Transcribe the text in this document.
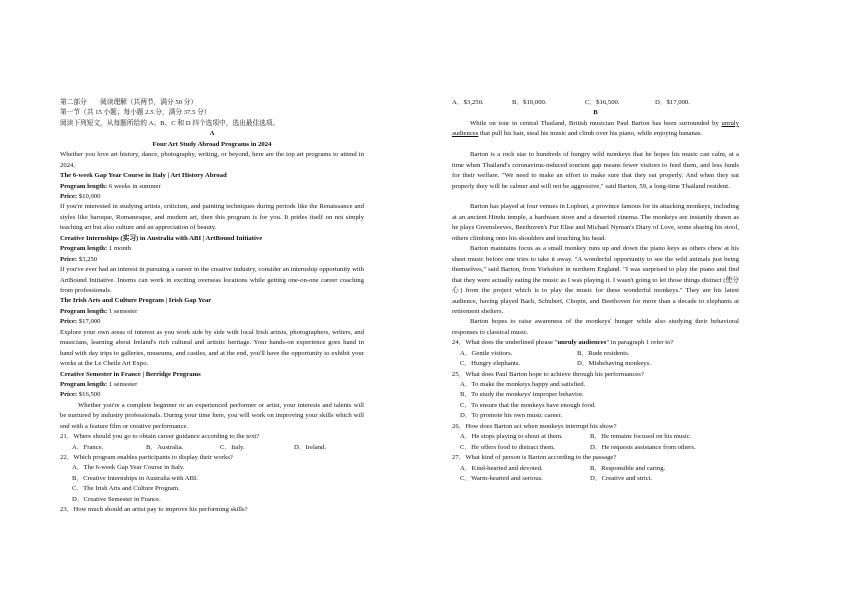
第二部分　　阅读理解（共两节，满分 50 分）
第一节（共 15 小题；每小题 2.5 分，满分 37.5 分）
阅读下列短文，从每题所给的 A、B、C 和 D 四个选项中，选出最佳选项。
A
Four Art Study Abroad Programs in 2024
Whether you love art history, dance, photography, writing, or beyond, here are the top art programs to attend in 2024.
The 6-week Gap Year Course in Italy | Art History Abroad
Program length: 6 weeks in summer
Price: $10,000
If you're interested in studying artists, criticism, and painting techniques during periods like the Renaissance and styles like baroque, Romanesque, and modern art, then this program is for you. It prides itself on not simply teaching art but also culture and an appreciation of beauty.
Creative Internships (实习) in Australia with ABI | ArtBound Initiative
Program length: 1 month
Price: $3,250
If you've ever had an interest in pursuing a career in the creative industry, consider an internship opportunity with ArtBound Initiative. Interns can work in exciting overseas locations while getting one-on-one career coaching from professionals.
The Irish Arts and Culture Program | Irish Gap Year
Program length: 1 semester
Price: $17,000
Explore your own areas of interest as you work side by side with local Irish artists, photographers, writers, and musicians, learning about Ireland's rich cultural and artistic heritage. Your hands-on experience goes hand in hand with day trips to galleries, museums, and castles, and at the end, you'll have the opportunity to exhibit your works at the Le Cheile Art Expo.
Creative Semester in France | Berridge Programs
Program length: 1 semester
Price: $16,500
Whether you're a complete beginner or an experienced performer or artist, your interests and talents will be nurtured by industry professionals. During your time here, you will work on improving your skills which will end with a feature film or creative performance.
21．Where should you go to obtain career guidance according to the text?
A．France.	B．Australia.	C．Italy.	D．Ireland.
22．Which program enables participants to display their works?
A．The 6-week Gap Year Course in Italy.
B．Creative Internships in Australia with ABI.
C．The Irish Arts and Culture Program.
D．Creative Semester in France.
23．How much should an artist pay to improve his performing skills?
A．$3,250.	B．$10,000.	C．$16,500.	D．$17,000.
B
While on tour in central Thailand, British musician Paul Barton has been surrounded by unruly audiences that pull his hair, steal his music and climb over his piano, while enjoying bananas.
Barton is a rock star to hundreds of hungry wild monkeys that he hopes his music can calm, at a time when Thailand's coronavirus-induced tourism gap means fewer visitors to feed them, and less funds for their welfare. "We need to make an effort to make sure that they eat properly. And when they eat properly they will be calmer and will not be aggressive," said Barton, 59, a long-time Thailand resident.
Barton has played at four venues in Lopburi, a province famous for its attacking monkeys, including at an ancient Hindu temple, a hardware store and a deserted cinema. The monkeys are instantly drawn as he plays Greensleeves, Beethoven's Fur Elise and Michael Nyman's Diary of Love, some sharing his stool, others climbing onto his shoulders and touching his head.
Barton maintains focus as a small monkey runs up and down the piano keys as others chew at his sheet music before one tries to take it away. "A wonderful opportunity to see the wild animals just being themselves," said Barton, from Yorkshire in northern England. "I was surprised to play the piano and find that they were actually eating the music as I was playing it. I wasn't going to let those things distract (使分心) from the project which is to play the music for these wonderful monkeys." They are his latest audience, having played Bach, Schubert, Chopin, and Beethoven for more than a decade to elephants at retirement shelters.
Barton hopes to raise awareness of the monkeys' hunger while also studying their behavioral responses to classical music.
24．What does the underlined phrase "unruly audiences" in paragraph 1 refer to?
A．Gentle visitors.	B．Rude residents.
C．Hungry elephants.	D．Misbehaving monkeys.
25．What does Paul Barton hope to achieve through his performances?
A．To make the monkeys happy and satisfied.
B．To study the monkeys' improper behavior.
C．To ensure that the monkeys have enough food.
D．To promote his own music career.
26．How does Barton act when monkeys interrupt his show?
A．He stops playing to shout at them.	B．He remains focused on his music.
C．He offers food to distract them.	D．He requests assistance from others.
27．What kind of person is Barton according to the passage?
A．Kind-hearted and devoted.	B．Responsible and caring.
C．Warm-hearted and serious.	D．Creative and strict.
